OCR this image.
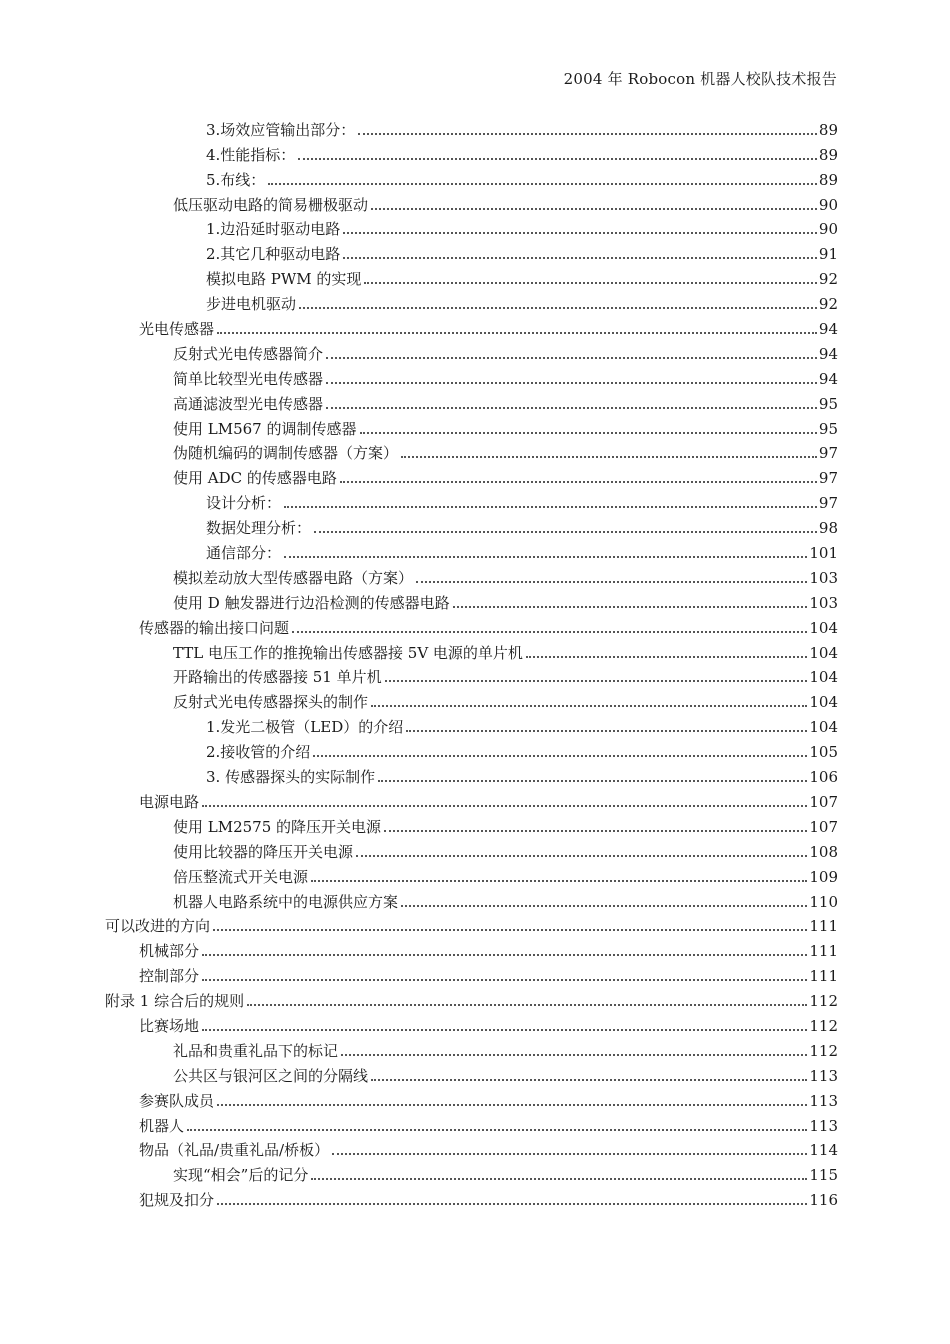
2004 年 Robocon 机器人校队技术报告
3.场效应管输出部分：	89
4.性能指标：	89
5.布线：	89
低压驱动电路的简易栅极驱动	90
1.边沿延时驱动电路	90
2.其它几种驱动电路	91
模拟电路 PWM 的实现	92
步进电机驱动	92
光电传感器	94
反射式光电传感器简介	94
简单比较型光电传感器	94
高通滤波型光电传感器	95
使用 LM567 的调制传感器	95
伪随机编码的调制传感器（方案）	97
使用 ADC 的传感器电路	97
设计分析：	97
数据处理分析：	98
通信部分：	101
模拟差动放大型传感器电路（方案）	103
使用 D 触发器进行边沿检测的传感器电路	103
传感器的输出接口问题	104
TTL 电压工作的推挽输出传感器接 5V 电源的单片机	104
开路输出的传感器接 51 单片机	104
反射式光电传感器探头的制作	104
1.发光二极管（LED）的介绍	104
2.接收管的介绍	105
3. 传感器探头的实际制作	106
电源电路	107
使用 LM2575 的降压开关电源	107
使用比较器的降压开关电源	108
倍压整流式开关电源	109
机器人电路系统中的电源供应方案	110
可以改进的方向	111
机械部分	111
控制部分	111
附录 1 综合后的规则	112
比赛场地	112
礼品和贵重礼品下的标记	112
公共区与银河区之间的分隔线	113
参赛队成员	113
机器人	113
物品（礼品/贵重礼品/桥板）	114
实现“相会”后的记分	115
犯规及扣分	116
